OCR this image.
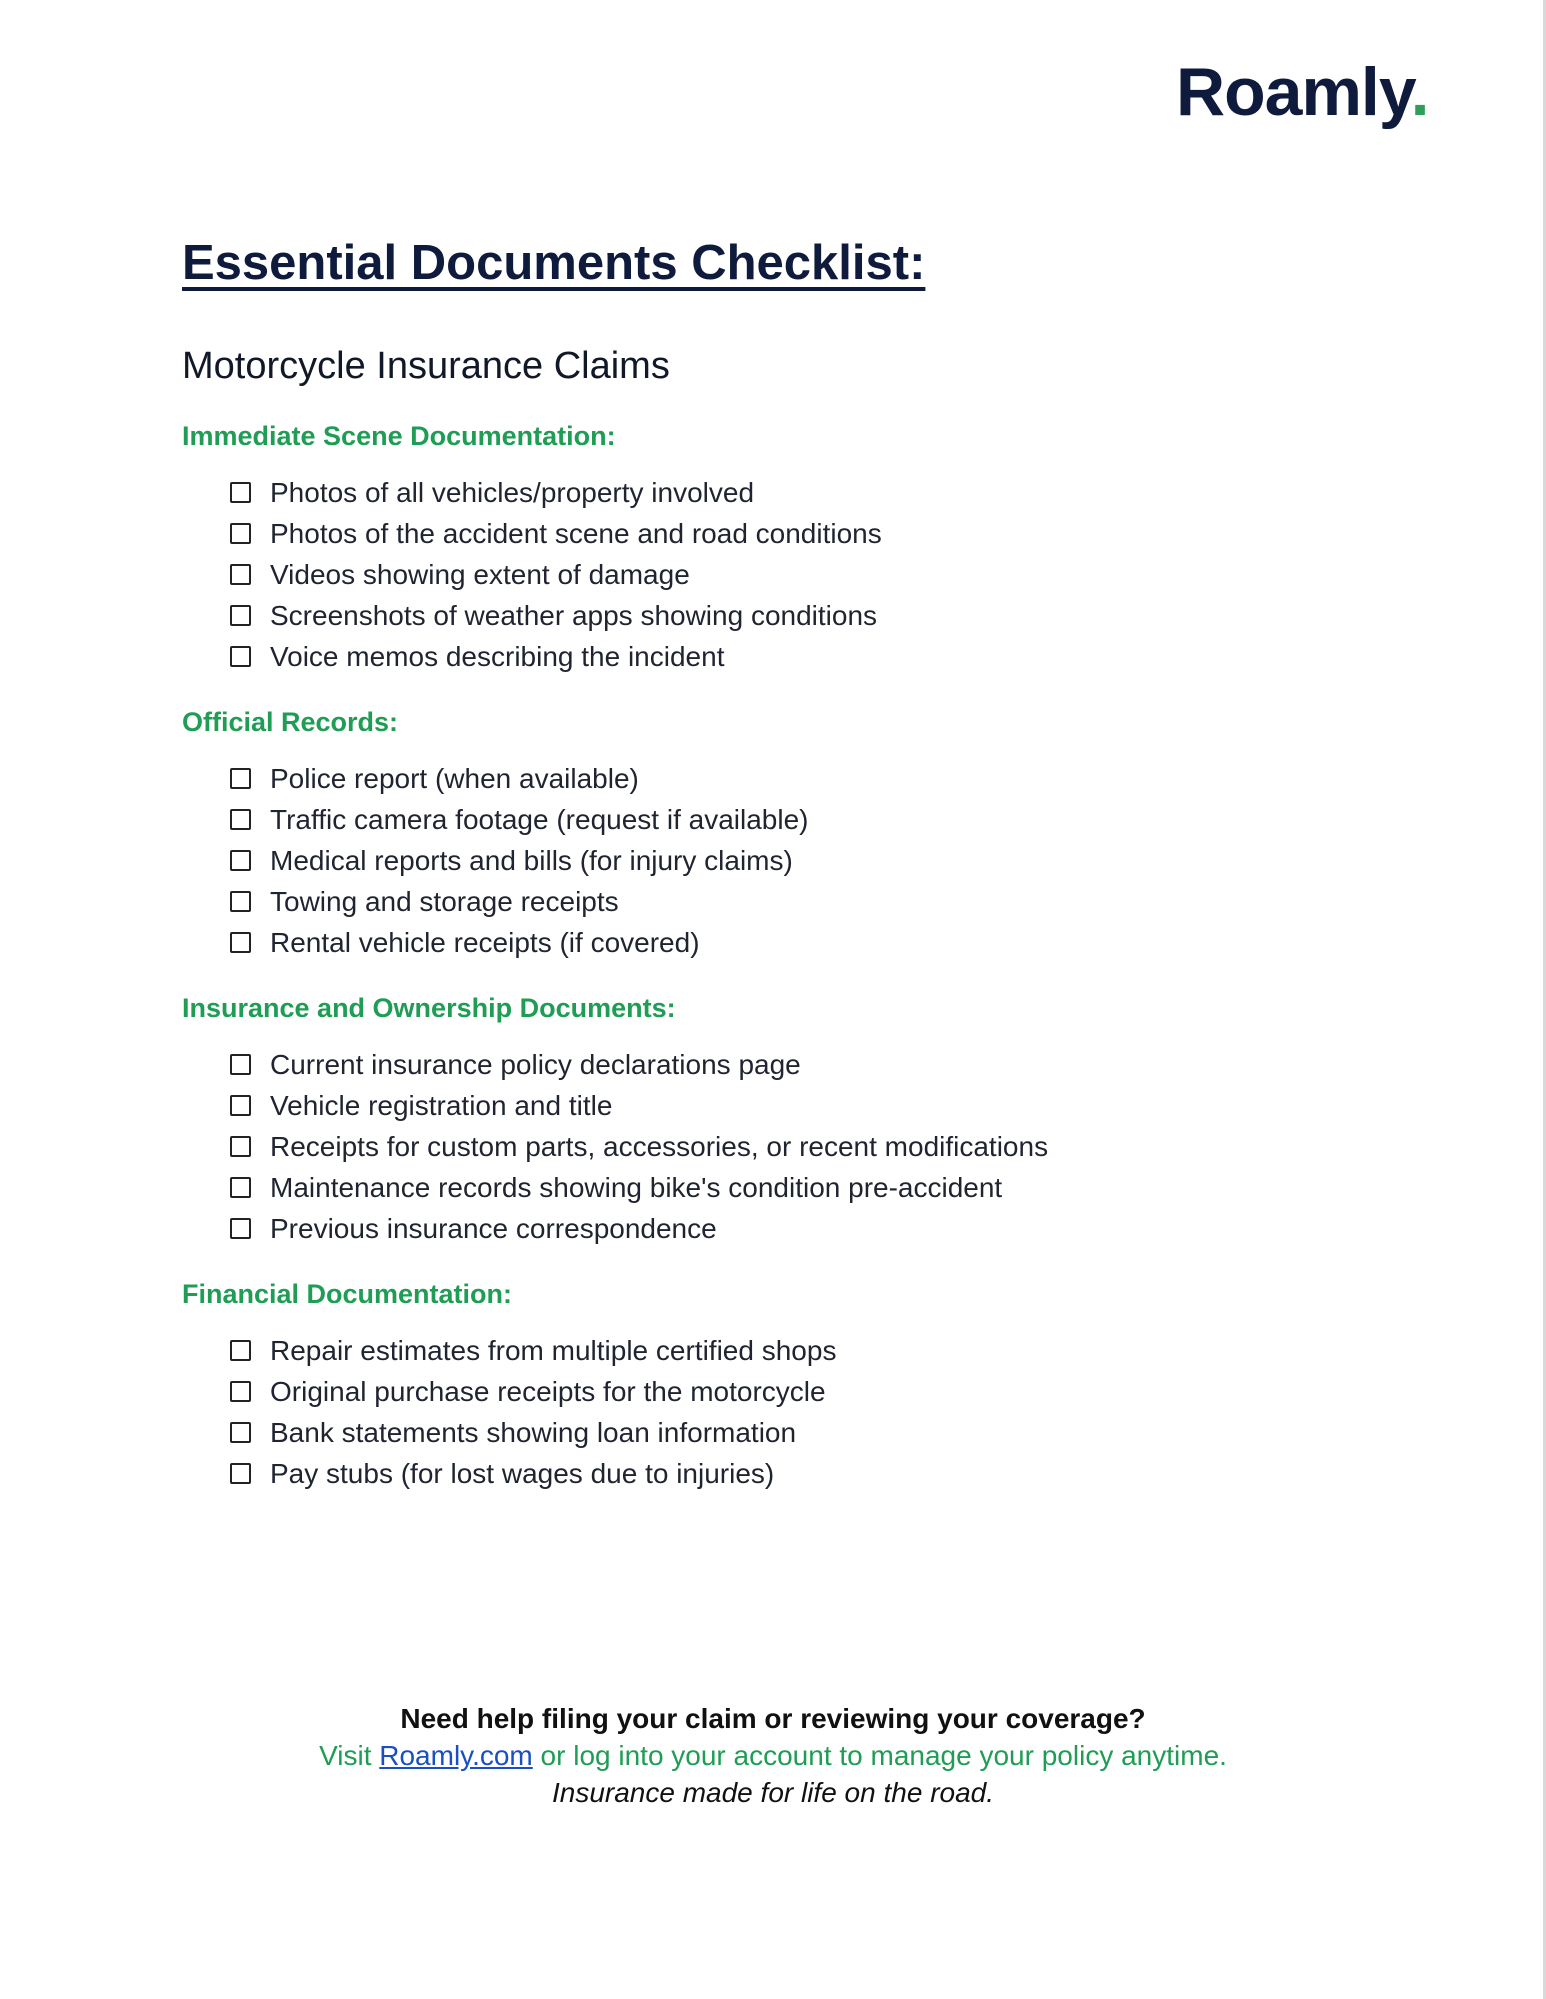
Roamly.
Essential Documents Checklist:
Motorcycle Insurance Claims
Immediate Scene Documentation:
Photos of all vehicles/property involved
Photos of the accident scene and road conditions
Videos showing extent of damage
Screenshots of weather apps showing conditions
Voice memos describing the incident
Official Records:
Police report (when available)
Traffic camera footage (request if available)
Medical reports and bills (for injury claims)
Towing and storage receipts
Rental vehicle receipts (if covered)
Insurance and Ownership Documents:
Current insurance policy declarations page
Vehicle registration and title
Receipts for custom parts, accessories, or recent modifications
Maintenance records showing bike's condition pre-accident
Previous insurance correspondence
Financial Documentation:
Repair estimates from multiple certified shops
Original purchase receipts for the motorcycle
Bank statements showing loan information
Pay stubs (for lost wages due to injuries)
Need help filing your claim or reviewing your coverage?
Visit Roamly.com or log into your account to manage your policy anytime.
Insurance made for life on the road.
